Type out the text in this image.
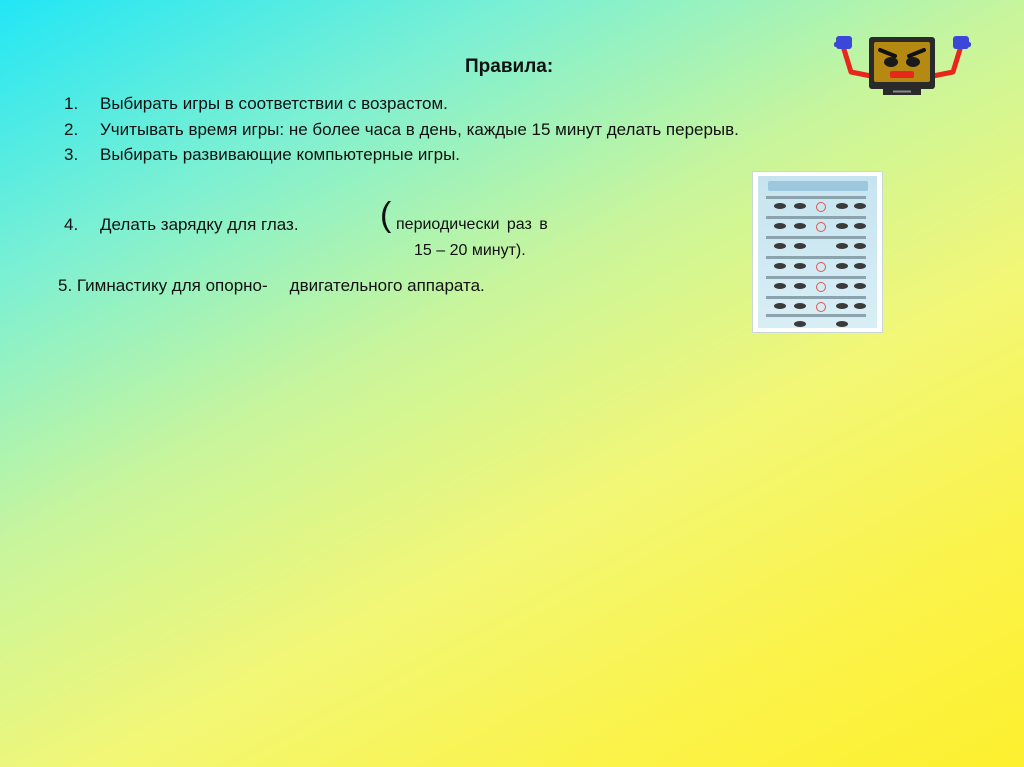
Правила:
1. Выбирать игры в соответствии с возрастом.
2. Учитывать время игры: не более часа в день, каждые 15 минут делать перерыв.
3. Выбирать развивающие компьютерные игры.
4. Делать зарядку для глаз. ( периодически раз в
15 – 20 минут).
5. Гимнастику для опорно- двигательного аппарата.
